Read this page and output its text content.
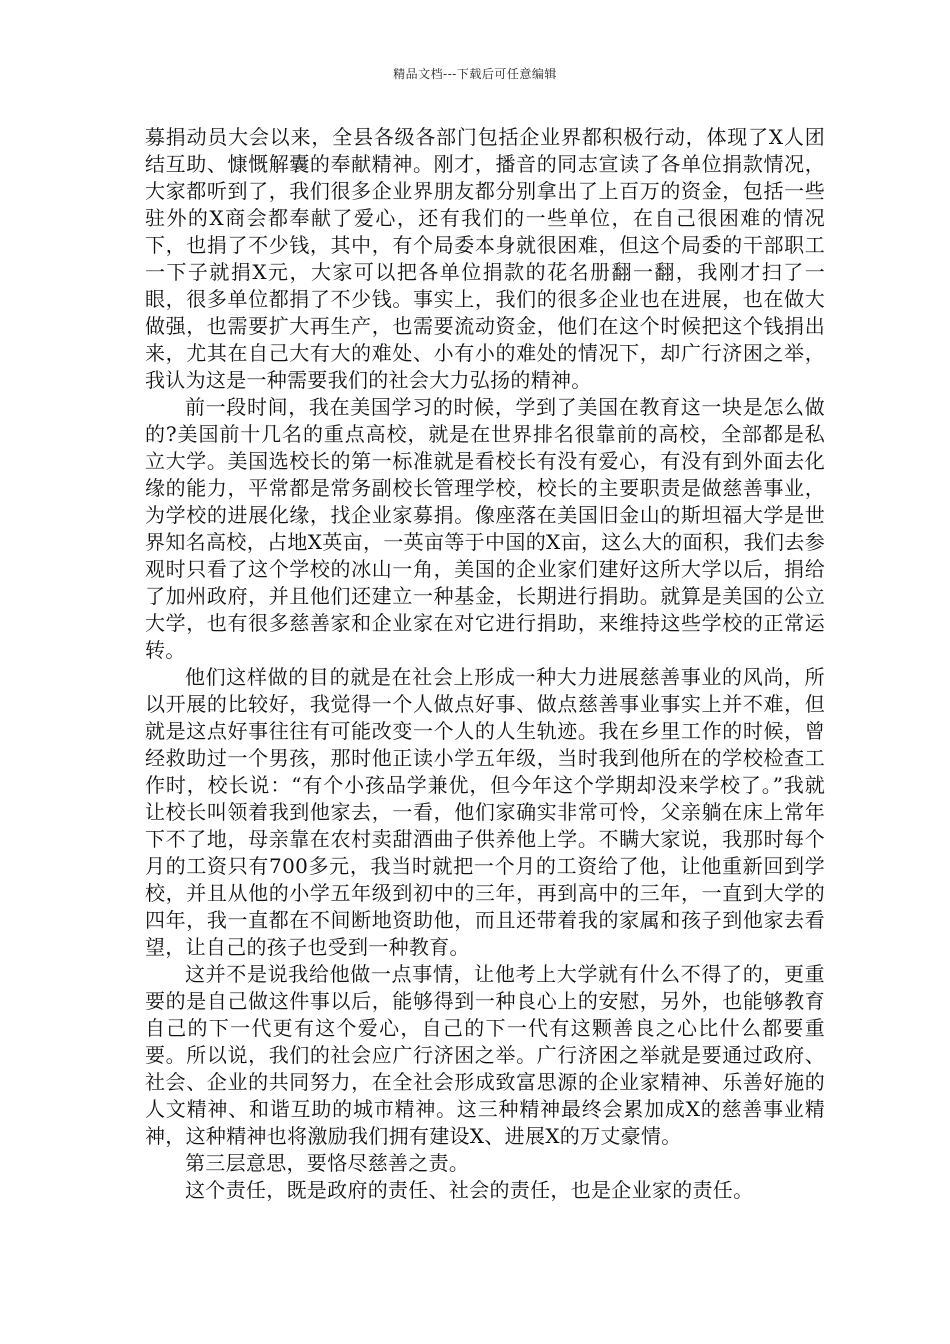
精品文档---下载后可任意编辑

募捐动员大会以来，全县各级各部门包括企业界都积极行动，体现了X人团结互助、慷慨解囊的奉献精神。刚才，播音的同志宣读了各单位捐款情况，大家都听到了，我们很多企业界朋友都分别拿出了上百万的资金，包括一些驻外的X商会都奉献了爱心，还有我们的一些单位，在自己很困难的情况下，也捐了不少钱，其中，有个局委本身就很困难，但这个局委的干部职工一下子就捐X元，大家可以把各单位捐款的花名册翻一翻，我刚才扫了一眼，很多单位都捐了不少钱。事实上，我们的很多企业也在进展，也在做大做强，也需要扩大再生产，也需要流动资金，他们在这个时候把这个钱捐出来，尤其在自己大有大的难处、小有小的难处的情况下，却广行济困之举，我认为这是一种需要我们的社会大力弘扬的精神。

前一段时间，我在美国学习的时候，学到了美国在教育这一块是怎么做的?美国前十几名的重点高校，就是在世界排名很靠前的高校，全部都是私立大学。美国选校长的第一标准就是看校长有没有爱心，有没有到外面去化缘的能力，平常都是常务副校长管理学校，校长的主要职责是做慈善事业，为学校的进展化缘，找企业家募捐。像座落在美国旧金山的斯坦福大学是世界知名高校，占地X英亩，一英亩等于中国的X亩，这么大的面积，我们去参观时只看了这个学校的冰山一角，美国的企业家们建好这所大学以后，捐给了加州政府，并且他们还建立一种基金，长期进行捐助。就算是美国的公立大学，也有很多慈善家和企业家在对它进行捐助，来维持这些学校的正常运转。

他们这样做的目的就是在社会上形成一种大力进展慈善事业的风尚，所以开展的比较好，我觉得一个人做点好事、做点慈善事业事实上并不难，但就是这点好事往往有可能改变一个人的人生轨迹。我在乡里工作的时候，曾经救助过一个男孩，那时他正读小学五年级，当时我到他所在的学校检查工作时，校长说：“有个小孩品学兼优，但今年这个学期却没来学校了。”我就让校长叫领着我到他家去，一看，他们家确实非常可怜，父亲躺在床上常年下不了地，母亲靠在农村卖甜酒曲子供养他上学。不瞒大家说，我那时每个月的工资只有700多元，我当时就把一个月的工资给了他，让他重新回到学校，并且从他的小学五年级到初中的三年，再到高中的三年，一直到大学的四年，我一直都在不间断地资助他，而且还带着我的家属和孩子到他家去看望，让自己的孩子也受到一种教育。

这并不是说我给他做一点事情，让他考上大学就有什么不得了的，更重要的是自己做这件事以后，能够得到一种良心上的安慰，另外，也能够教育自己的下一代更有这个爱心，自己的下一代有这颗善良之心比什么都要重要。所以说，我们的社会应广行济困之举。广行济困之举就是要通过政府、社会、企业的共同努力，在全社会形成致富思源的企业家精神、乐善好施的人文精神、和谐互助的城市精神。这三种精神最终会累加成X的慈善事业精神，这种精神也将激励我们拥有建设X、进展X的万丈豪情。

第三层意思，要恪尽慈善之责。

这个责任，既是政府的责任、社会的责任，也是企业家的责任。
